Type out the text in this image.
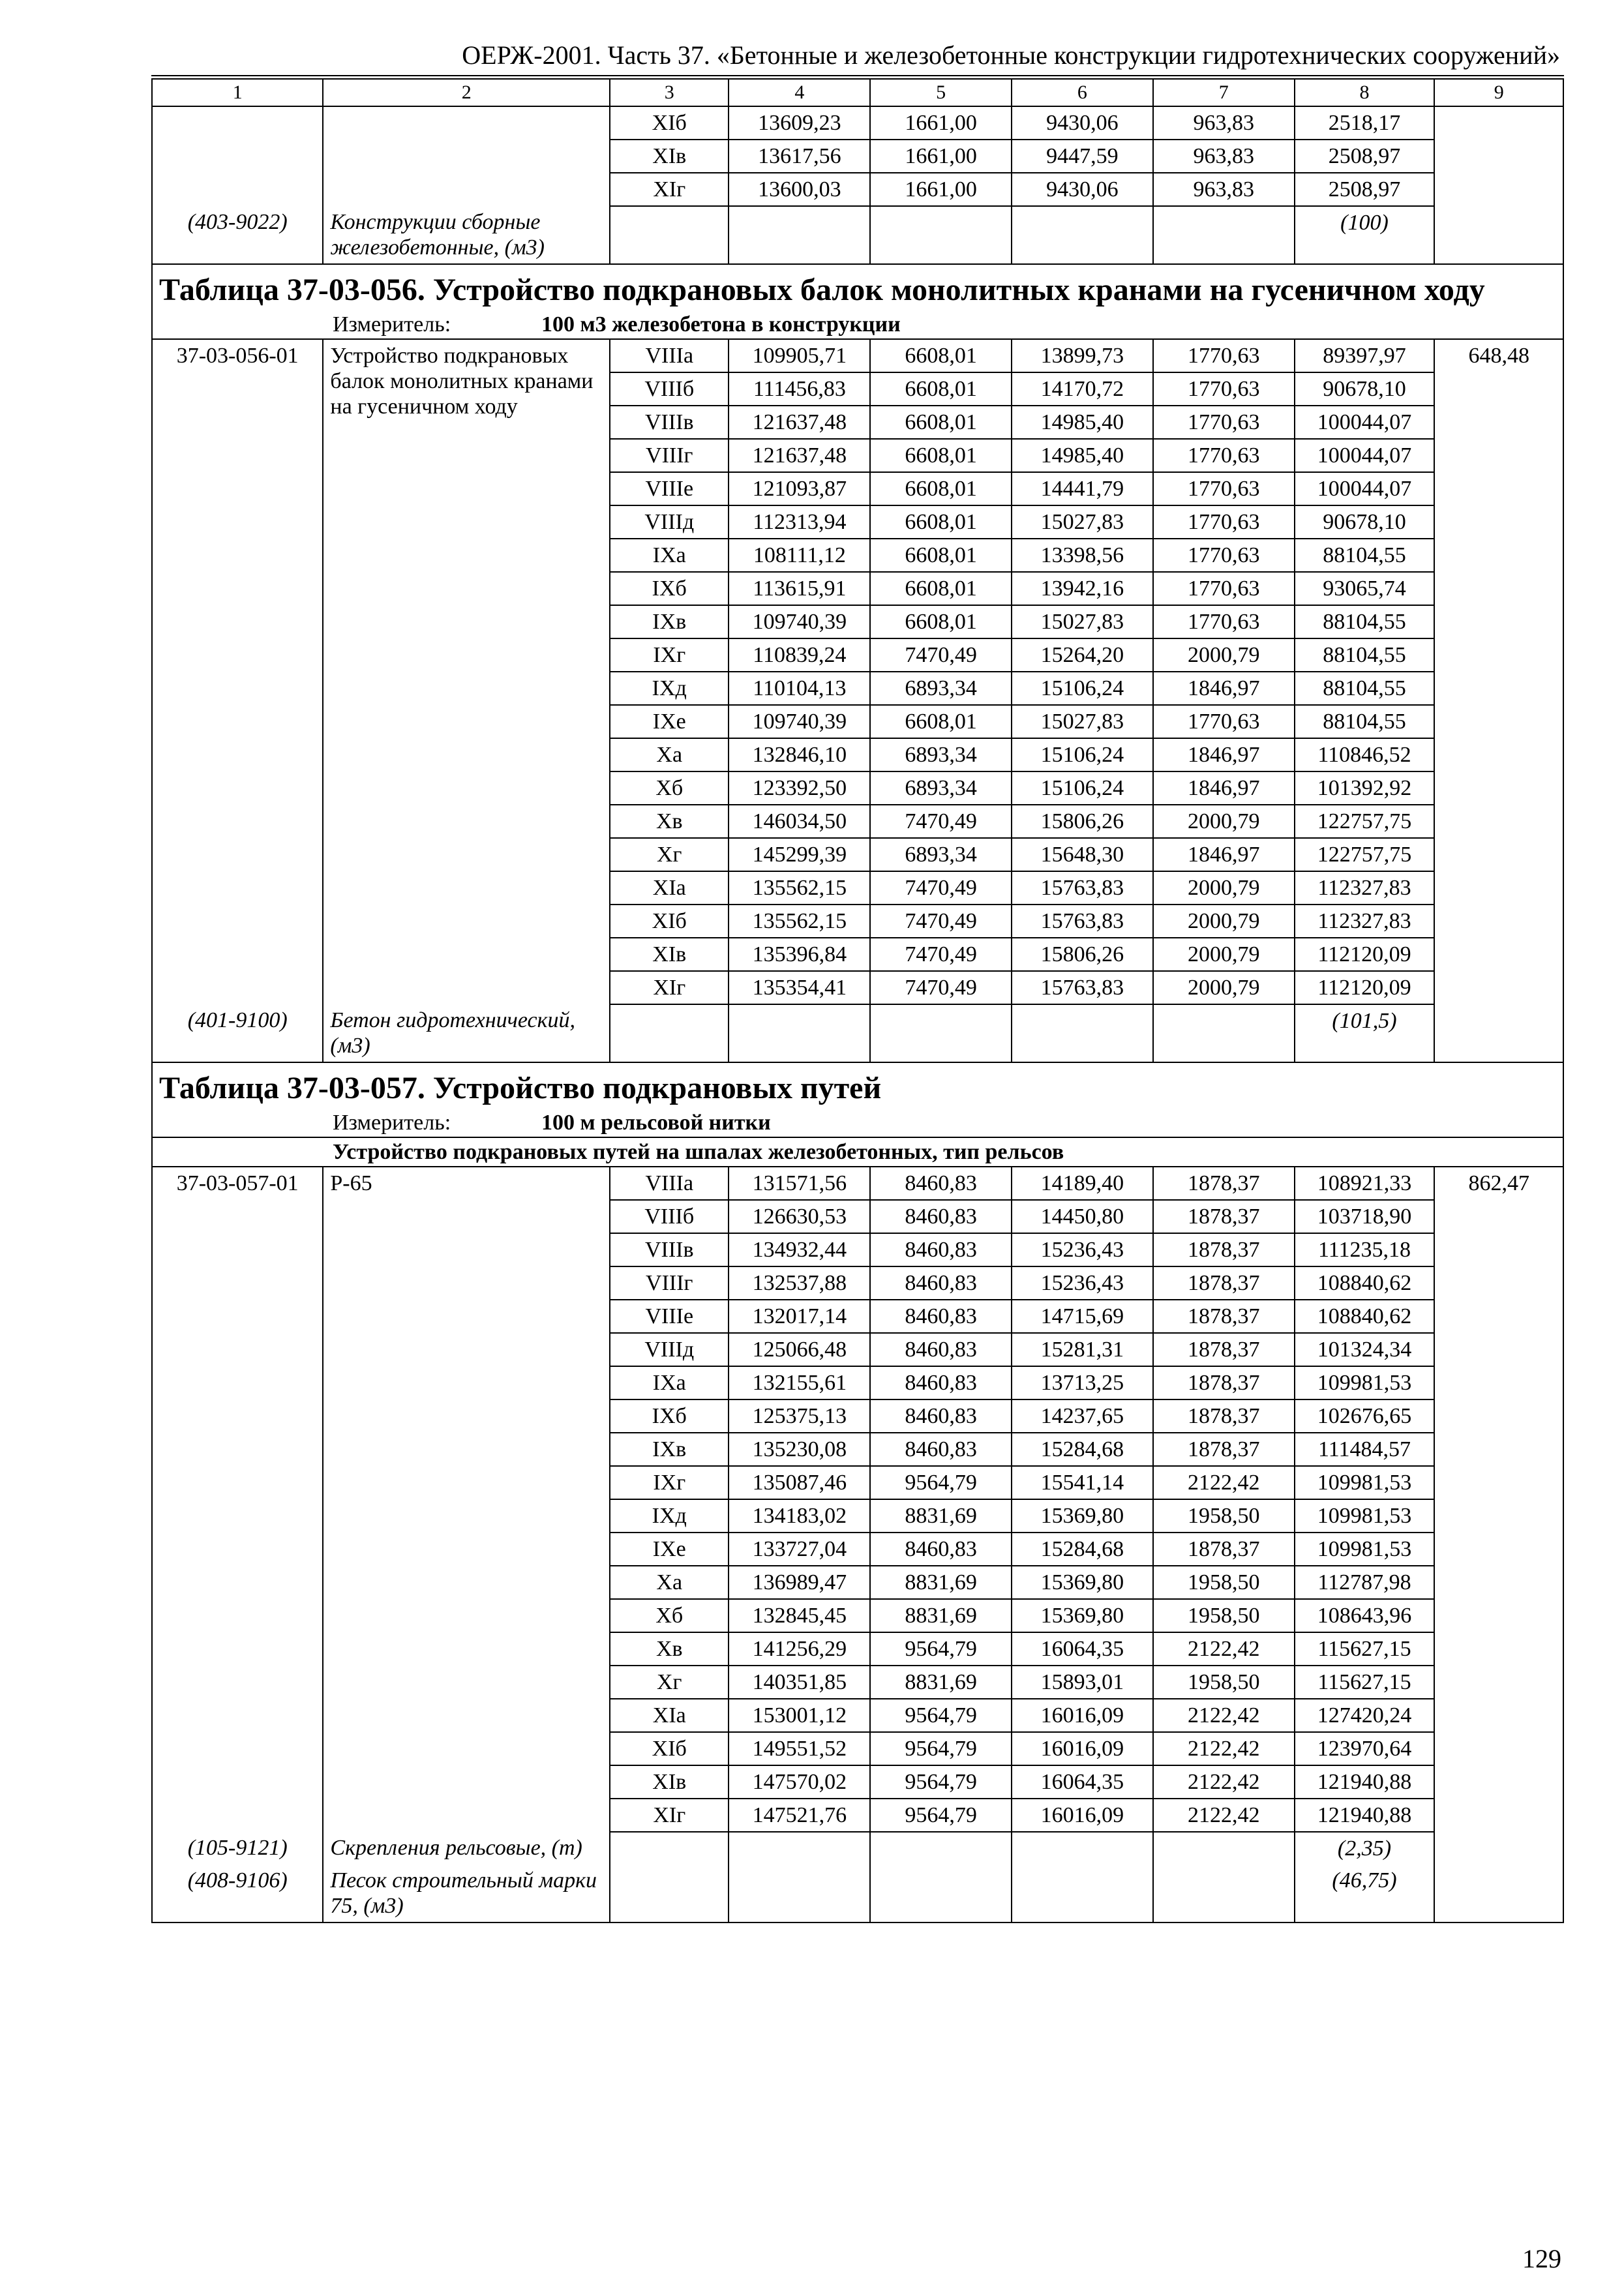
ОЕРЖ-2001. Часть 37. «Бетонные и железобетонные конструкции гидротехнических сооружений»
1	2	3	4	5	6	7	8	9
		XIб	13609,23	1661,00	9430,06	963,83	2518,17	
		XIв	13617,56	1661,00	9447,59	963,83	2508,97	
		XIг	13600,03	1661,00	9430,06	963,83	2508,97	
(403-9022)	Конструкции сборные железобетонные, (м3)						(100)	

Таблица 37-03-056. Устройство подкрановых балок монолитных кранами на гусеничном ходу								

Измеритель: 100 м3 железобетона в конструкции								
37-03-056-01	Устройство подкрановых балок монолитных кранами на гусеничном ходу	VIIIа	109905,71	6608,01	13899,73	1770,63	89397,97	648,48
		VIIIб	111456,83	6608,01	14170,72	1770,63	90678,10	
		VIIIв	121637,48	6608,01	14985,40	1770,63	100044,07	
		VIIIг	121637,48	6608,01	14985,40	1770,63	100044,07	
		VIIIе	121093,87	6608,01	14441,79	1770,63	100044,07	
		VIIIд	112313,94	6608,01	15027,83	1770,63	90678,10	
		IXа	108111,12	6608,01	13398,56	1770,63	88104,55	
		IXб	113615,91	6608,01	13942,16	1770,63	93065,74	
		IXв	109740,39	6608,01	15027,83	1770,63	88104,55	
		IXг	110839,24	7470,49	15264,20	2000,79	88104,55	
		IXд	110104,13	6893,34	15106,24	1846,97	88104,55	
		IXе	109740,39	6608,01	15027,83	1770,63	88104,55	
		Xа	132846,10	6893,34	15106,24	1846,97	110846,52	
		Xб	123392,50	6893,34	15106,24	1846,97	101392,92	
		Xв	146034,50	7470,49	15806,26	2000,79	122757,75	
		Xг	145299,39	6893,34	15648,30	1846,97	122757,75	
		XIа	135562,15	7470,49	15763,83	2000,79	112327,83	
		XIб	135562,15	7470,49	15763,83	2000,79	112327,83	
		XIв	135396,84	7470,49	15806,26	2000,79	112120,09	
		XIг	135354,41	7470,49	15763,83	2000,79	112120,09	
(401-9100)	Бетон гидротехнический, (м3)						(101,5)	

Таблица 37-03-057. Устройство подкрановых путей								

Измеритель: 100 м рельсовой нитки								
Устройство подкрановых путей на шпалах железобетонных, тип рельсов								
37-03-057-01	Р-65	VIIIа	131571,56	8460,83	14189,40	1878,37	108921,33	862,47
		VIIIб	126630,53	8460,83	14450,80	1878,37	103718,90	
		VIIIв	134932,44	8460,83	15236,43	1878,37	111235,18	
		VIIIг	132537,88	8460,83	15236,43	1878,37	108840,62	
		VIIIе	132017,14	8460,83	14715,69	1878,37	108840,62	
		VIIIд	125066,48	8460,83	15281,31	1878,37	101324,34	
		IXа	132155,61	8460,83	13713,25	1878,37	109981,53	
		IXб	125375,13	8460,83	14237,65	1878,37	102676,65	
		IXв	135230,08	8460,83	15284,68	1878,37	111484,57	
		IXг	135087,46	9564,79	15541,14	2122,42	109981,53	
		IXд	134183,02	8831,69	15369,80	1958,50	109981,53	
		IXе	133727,04	8460,83	15284,68	1878,37	109981,53	
		Xа	136989,47	8831,69	15369,80	1958,50	112787,98	
		Xб	132845,45	8831,69	15369,80	1958,50	108643,96	
		Xв	141256,29	9564,79	16064,35	2122,42	115627,15	
		Xг	140351,85	8831,69	15893,01	1958,50	115627,15	
		XIа	153001,12	9564,79	16016,09	2122,42	127420,24	
		XIб	149551,52	9564,79	16016,09	2122,42	123970,64	
		XIв	147570,02	9564,79	16064,35	2122,42	121940,88	
		XIг	147521,76	9564,79	16016,09	2122,42	121940,88	
(105-9121)	Скрепления рельсовые, (т)						(2,35)	
(408-9106)	Песок строительный марки 75, (м3)						(46,75)	
129
